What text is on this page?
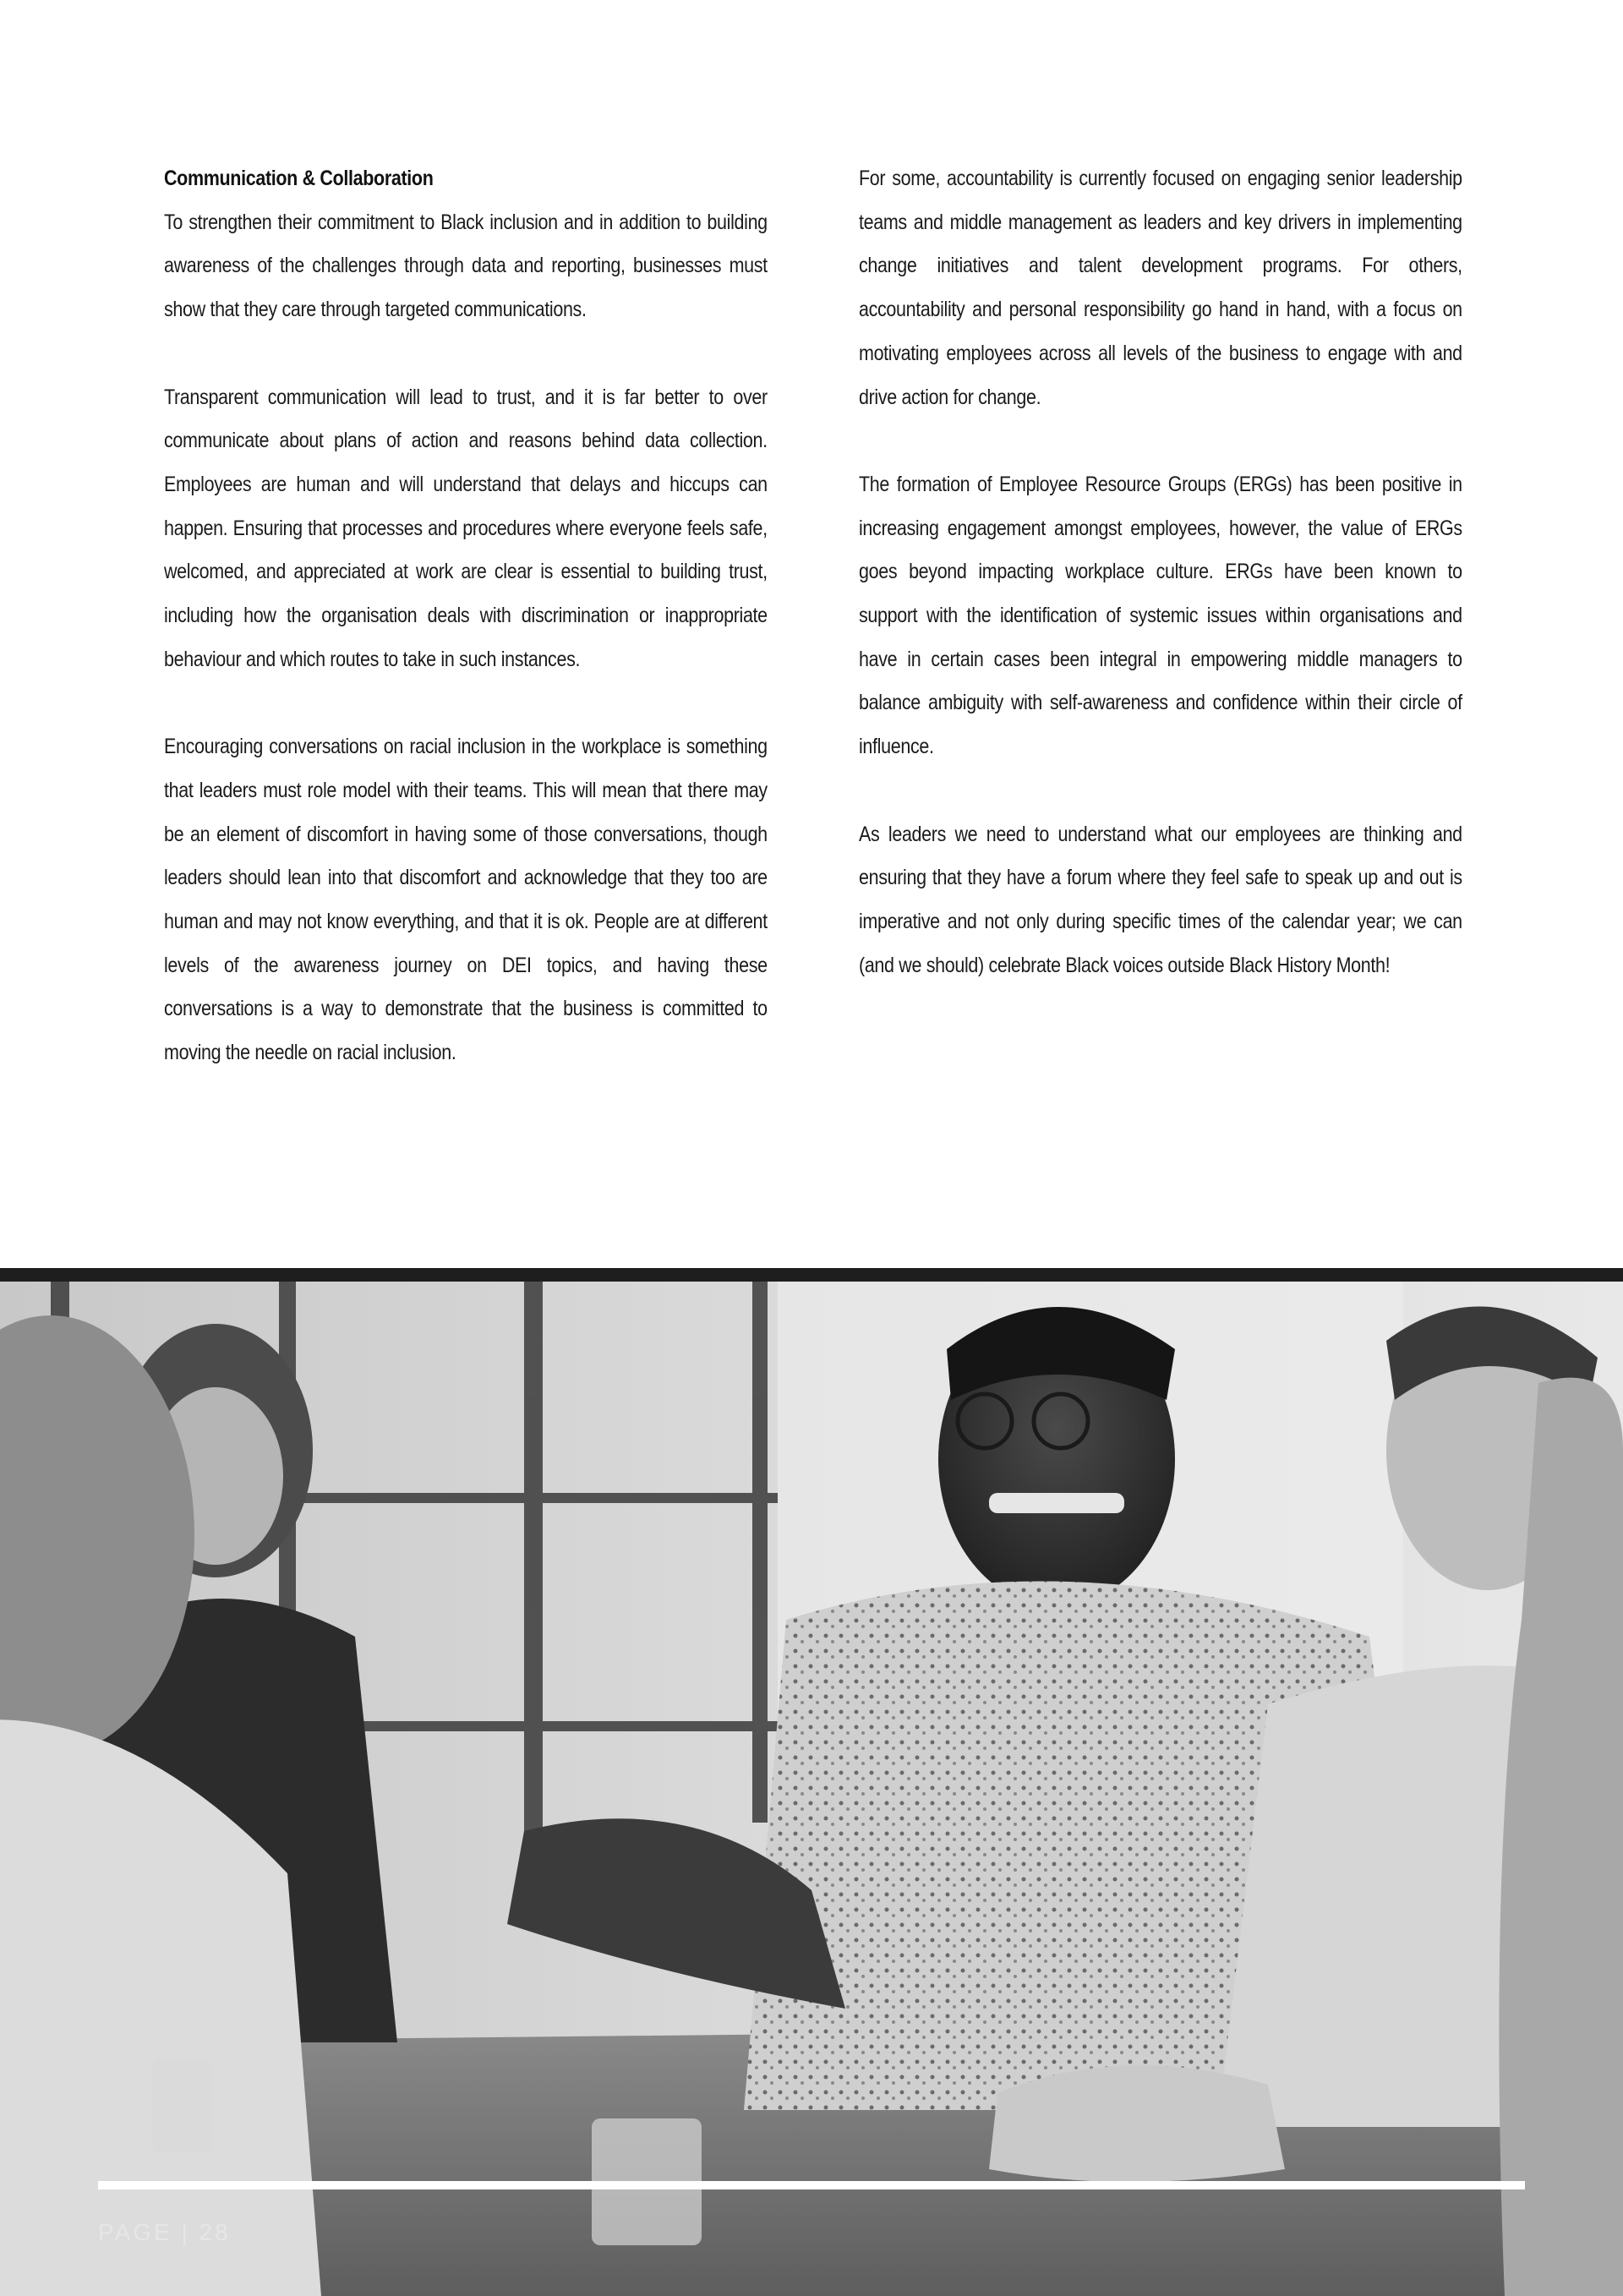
Communication & Collaboration

To strengthen their commitment to Black inclusion and in addition to building awareness of the challenges through data and reporting, businesses must show that they care through targeted communications.

Transparent communication will lead to trust, and it is far better to over communicate about plans of action and reasons behind data collection. Employees are human and will understand that delays and hiccups can happen. Ensuring that processes and procedures where everyone feels safe, welcomed, and appreciated at work are clear is essential to building trust, including how the organisation deals with discrimination or inappropriate behaviour and which routes to take in such instances.

Encouraging conversations on racial inclusion in the workplace is something that leaders must role model with their teams. This will mean that there may be an element of discomfort in having some of those conversations, though leaders should lean into that discomfort and acknowledge that they too are human and may not know everything, and that it is ok. People are at different levels of the awareness journey on DEI topics, and having these conversations is a way to demonstrate that the business is committed to moving the needle on racial inclusion.

For some, accountability is currently focused on engaging senior leadership teams and middle management as leaders and key drivers in implementing change initiatives and talent development programs. For others, accountability and personal responsibility go hand in hand, with a focus on motivating employees across all levels of the business to engage with and drive action for change.

The formation of Employee Resource Groups (ERGs) has been positive in increasing engagement amongst employees, however, the value of ERGs goes beyond impacting workplace culture. ERGs have been known to support with the identification of systemic issues within organisations and have in certain cases been integral in empowering middle managers to balance ambiguity with self-awareness and confidence within their circle of influence.

As leaders we need to understand what our employees are thinking and ensuring that they have a forum where they feel safe to speak up and out is imperative and not only during specific times of the calendar year; we can (and we should) celebrate Black voices outside Black History Month!

PAGE | 28
